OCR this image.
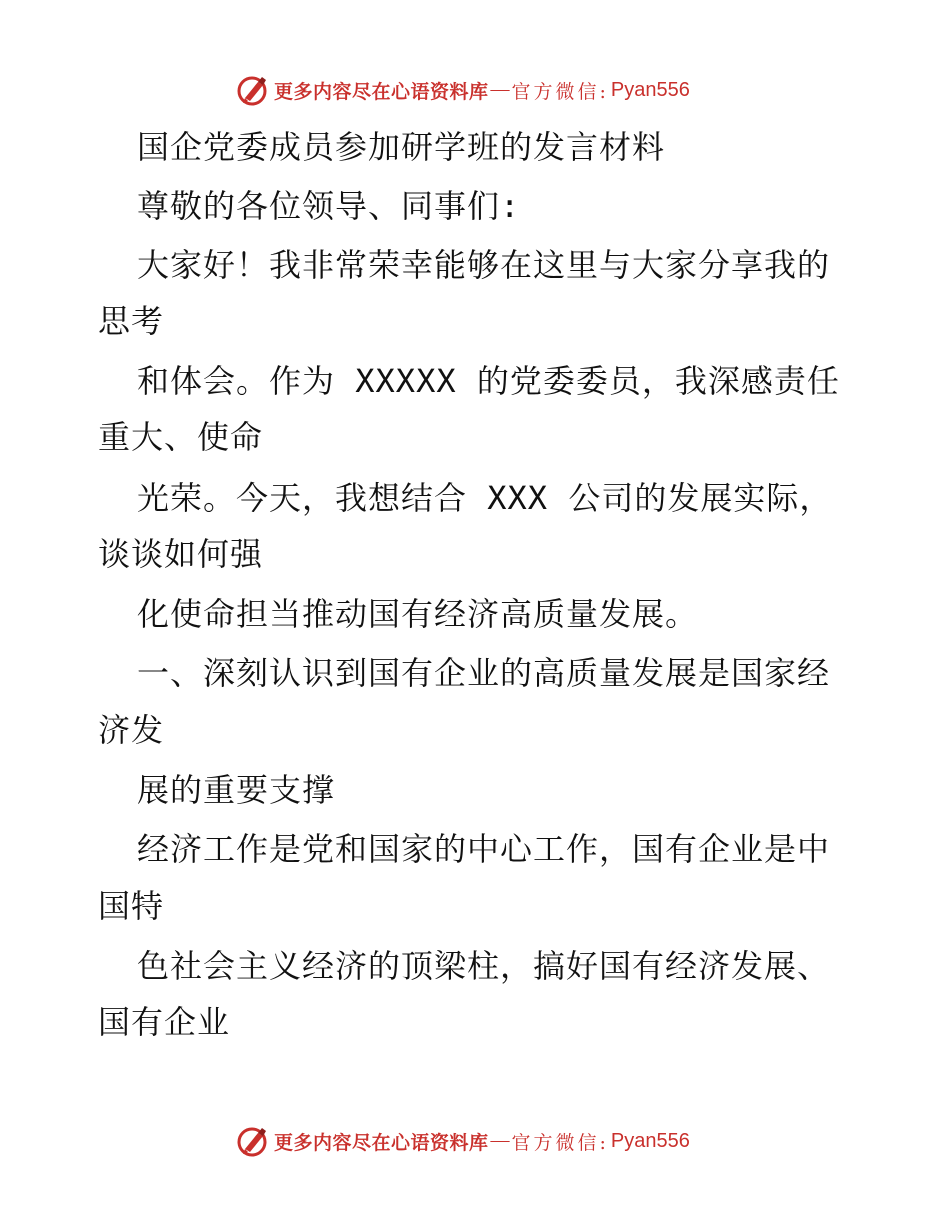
更多内容尽在心语资料库 — 官方微信: Pyan556
国企党委成员参加研学班的发言材料
尊敬的各位领导、同事们:
大家好！我非常荣幸能够在这里与大家分享我的
思考
和体会。作为 XXXXX 的党委委员，我深感责任
重大、使命
光荣。今天，我想结合 XXX 公司的发展实际，
谈谈如何强
化使命担当推动国有经济高质量发展。
一、深刻认识到国有企业的高质量发展是国家经
济发
展的重要支撑
经济工作是党和国家的中心工作，国有企业是中
国特
色社会主义经济的顶梁柱，搞好国有经济发展、
国有企业
更多内容尽在心语资料库 — 官方微信: Pyan556
